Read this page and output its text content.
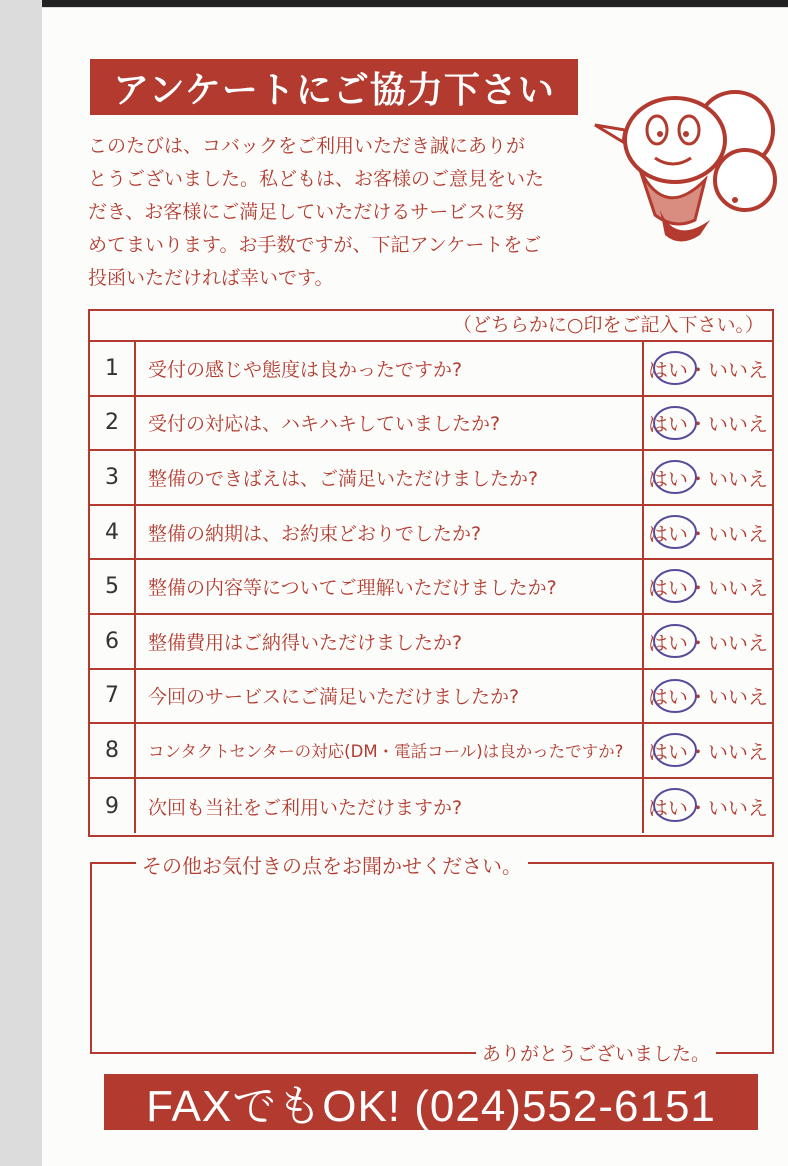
アンケートにご協力下さい
このたびは、コバックをご利用いただき誠にありが
とうございました。私どもは、お客様のご意見をいた
だき、お客様にご満足していただけるサービスに努
めてまいります。お手数ですが、下記アンケートをご
投函いただければ幸いです。
（どちらかに○印をご記入下さい。）
1	受付の感じや態度は良かったですか?	はい・いいえ
2	受付の対応は、ハキハキしていましたか?	はい・いいえ
3	整備のできばえは、ご満足いただけましたか?	はい・いいえ
4	整備の納期は、お約束どおりでしたか?	はい・いいえ
5	整備の内容等についてご理解いただけましたか?	はい・いいえ
6	整備費用はご納得いただけましたか?	はい・いいえ
7	今回のサービスにご満足いただけましたか?	はい・いいえ
8	コンタクトセンターの対応(DM・電話コール)は良かったですか?	はい・いいえ
9	次回も当社をご利用いただけますか?	はい・いいえ
その他お気付きの点をお聞かせください。
ありがとうございました。
FAXでもOK! (024)552-6151
